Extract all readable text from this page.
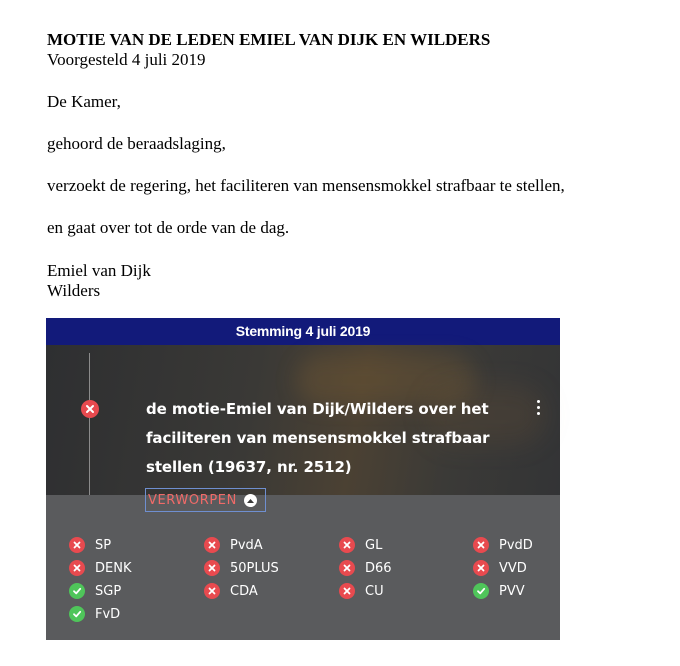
MOTIE VAN DE LEDEN EMIEL VAN DIJK EN WILDERS

Voorgesteld 4 juli 2019

De Kamer,

gehoord de beraadslaging,

verzoekt de regering, het faciliteren van mensensmokkel strafbaar te stellen,

en gaat over tot de orde van de dag.

Emiel van Dijk

Wilders

Stemming 4 juli 2019
de motie-Emiel van Dijk/Wilders over het
faciliteren van mensensmokkel strafbaar
stellen (19637, nr. 2512)
VERWORPEN
SP	PvdA	GL	PvdD
DENK	50PLUS	D66	VVD
SGP	CDA	CU	PVV
FvD
